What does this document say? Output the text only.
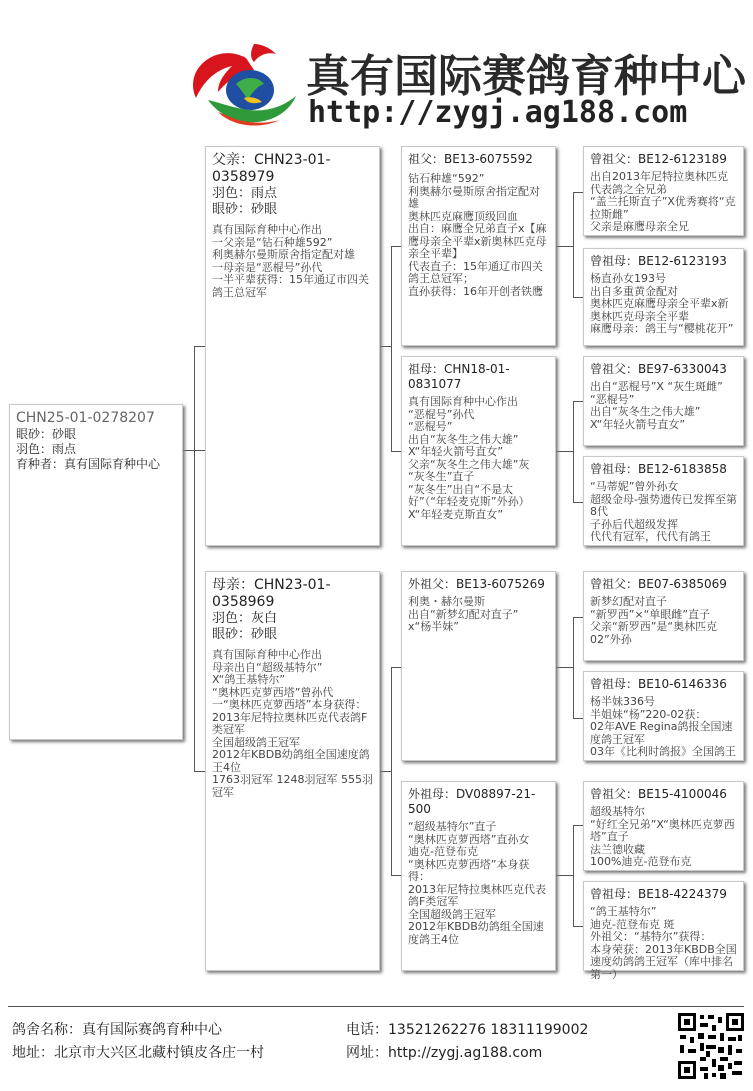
真有国际赛鸽育种中心
http://zygj.ag188.com
CHN25-01-0278207
眼砂：砂眼
羽色：雨点
育种者：真有国际育种中心
父亲：CHN23-01-0358979
羽色：雨点
眼砂：砂眼
真有国际育种中心作出
一父亲是“钻石种雄592”
利奥赫尔曼斯原舍指定配对雄
一母亲是“恶棍号”孙代
一半平辈获得：15年通辽市四关鸽王总冠军
母亲：CHN23-01-0358969
羽色：灰白
眼砂：砂眼
真有国际育种中心作出
母亲出自“超级基特尔”
X“鸽王基特尔”
“奥林匹克萝西塔”曾孙代
一“奥林匹克萝西塔”本身获得：
2013年尼特拉奥林匹克代表鸽F类冠军
全国超级鸽王冠军
2012年KBDB幼鸽组全国速度鸽王4位
1763羽冠军 1248羽冠军 555羽冠军
祖父：BE13-6075592
钻石种雄“592”
利奥赫尔曼斯原舍指定配对雄
奥林匹克麻鹰顶级回血
出自：麻鹰全兄弟直子x【麻鹰母亲全平辈x新奥林匹克母亲全平辈】
代表直子：15年通辽市四关鸽王总冠军；
直孙获得：16年开创者铁鹰
祖母：CHN18-01-0831077
真有国际育种中心作出
“恶棍号”孙代
“恶棍号”
出自“灰冬生之伟大雄”
X“年轻火箭号直女”
父亲“灰冬生之伟大雄”灰
“灰冬生”直子
“灰冬生”出自“不是太好”（“年轻麦克斯”外孙）X“年轻麦克斯直女”
外祖父：BE13-6075269
利奥・赫尔曼斯
出自“新梦幻配对直子”
x“杨半妹”
外祖母：DV08897-21-500
“超级基特尔”直子
“奥林匹克萝西塔”直孙女
迪克-范登布克
“奥林匹克萝西塔”本身获得：
2013年尼特拉奥林匹克代表鸽F类冠军
全国超级鸽王冠军
2012年KBDB幼鸽组全国速度鸽王4位
曾祖父：BE12-6123189
出自2013年尼特拉奥林匹克代表鸽之全兄弟
“盖兰托斯直子”X优秀赛将“克拉斯雌”
父亲是麻鹰母亲全兄
曾祖母：BE12-6123193
杨直孙女193号
出自多重黄金配对
奥林匹克麻鹰母亲全平辈x新奥林匹克母亲全平辈
麻鹰母亲：鸽王与“樱桃花开”
曾祖父：BE97-6330043
出自“恶棍号”X “灰生斑雌”
“恶棍号”
出自“灰冬生之伟大雄”
X“年轻火箭号直女”
曾祖母：BE12-6183858
“马蒂妮”曾外孙女
超级金母-强势遗传已发挥至第8代
子孙后代超级发挥
代代有冠军，代代有鸽王
曾祖父：BE07-6385069
新梦幻配对直子
“新罗西”×“单眼雌”直子
父亲“新罗西”是“奥林匹克02”外孙
曾祖母：BE10-6146336
杨半妹336号
半姐妹“杨”220-02获：
02年AVE Regina鸽报全国速度鸽王冠军
03年《比利时鸽报》全国鸽王
曾祖父：BE15-4100046
超级基特尔
“好红全兄弟”X“奥林匹克萝西塔”直子
法兰德收藏
100%迪克-范登布克
曾祖母：BE18-4224379
“鸽王基特尔”
迪克-范登布克 斑
外祖父：“基特尔”获得：
本身荣获：2013年KBDB全国速度幼鸽鸽王冠军（库中排名第一）
鸽舍名称：真有国际赛鸽育种中心
地址：北京市大兴区北藏村镇皮各庄一村
电话：13521262276 18311199002
网址：http://zygj.ag188.com
